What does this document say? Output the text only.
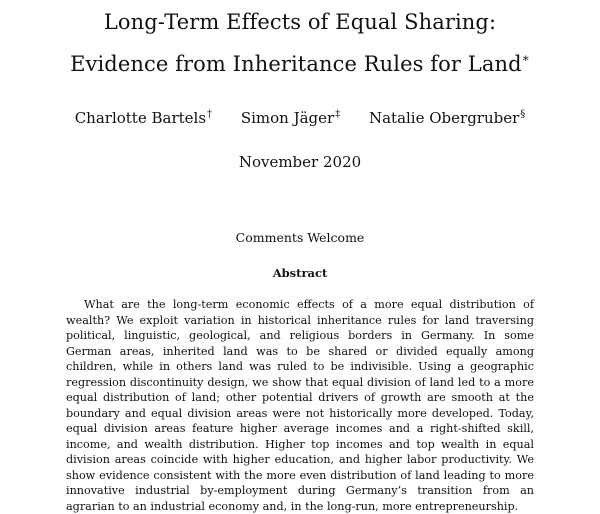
Long-Term Effects of Equal Sharing:
Evidence from Inheritance Rules for Land∗
Charlotte Bartels† Simon Jäger‡ Natalie Obergruber§
November 2020
Comments Welcome
Abstract

What are the long-term economic effects of a more equal distribution of wealth? We exploit variation in historical inheritance rules for land traversing political, linguistic, geological, and religious borders in Germany. In some German areas, inherited land was to be shared or divided equally among children, while in others land was ruled to be indivisible. Using a geographic regression discontinuity design, we show that equal division of land led to a more equal distribution of land; other potential drivers of growth are smooth at the boundary and equal division areas were not historically more developed. Today, equal division areas feature higher average incomes and a right-shifted skill, income, and wealth distribution. Higher top incomes and top wealth in equal division areas coincide with higher education, and higher labor productivity. We show evidence consistent with the more even distribution of land leading to more innovative industrial by-employment during Germany’s transition from an agrarian to an industrial economy and, in the long-run, more entrepreneurship.
